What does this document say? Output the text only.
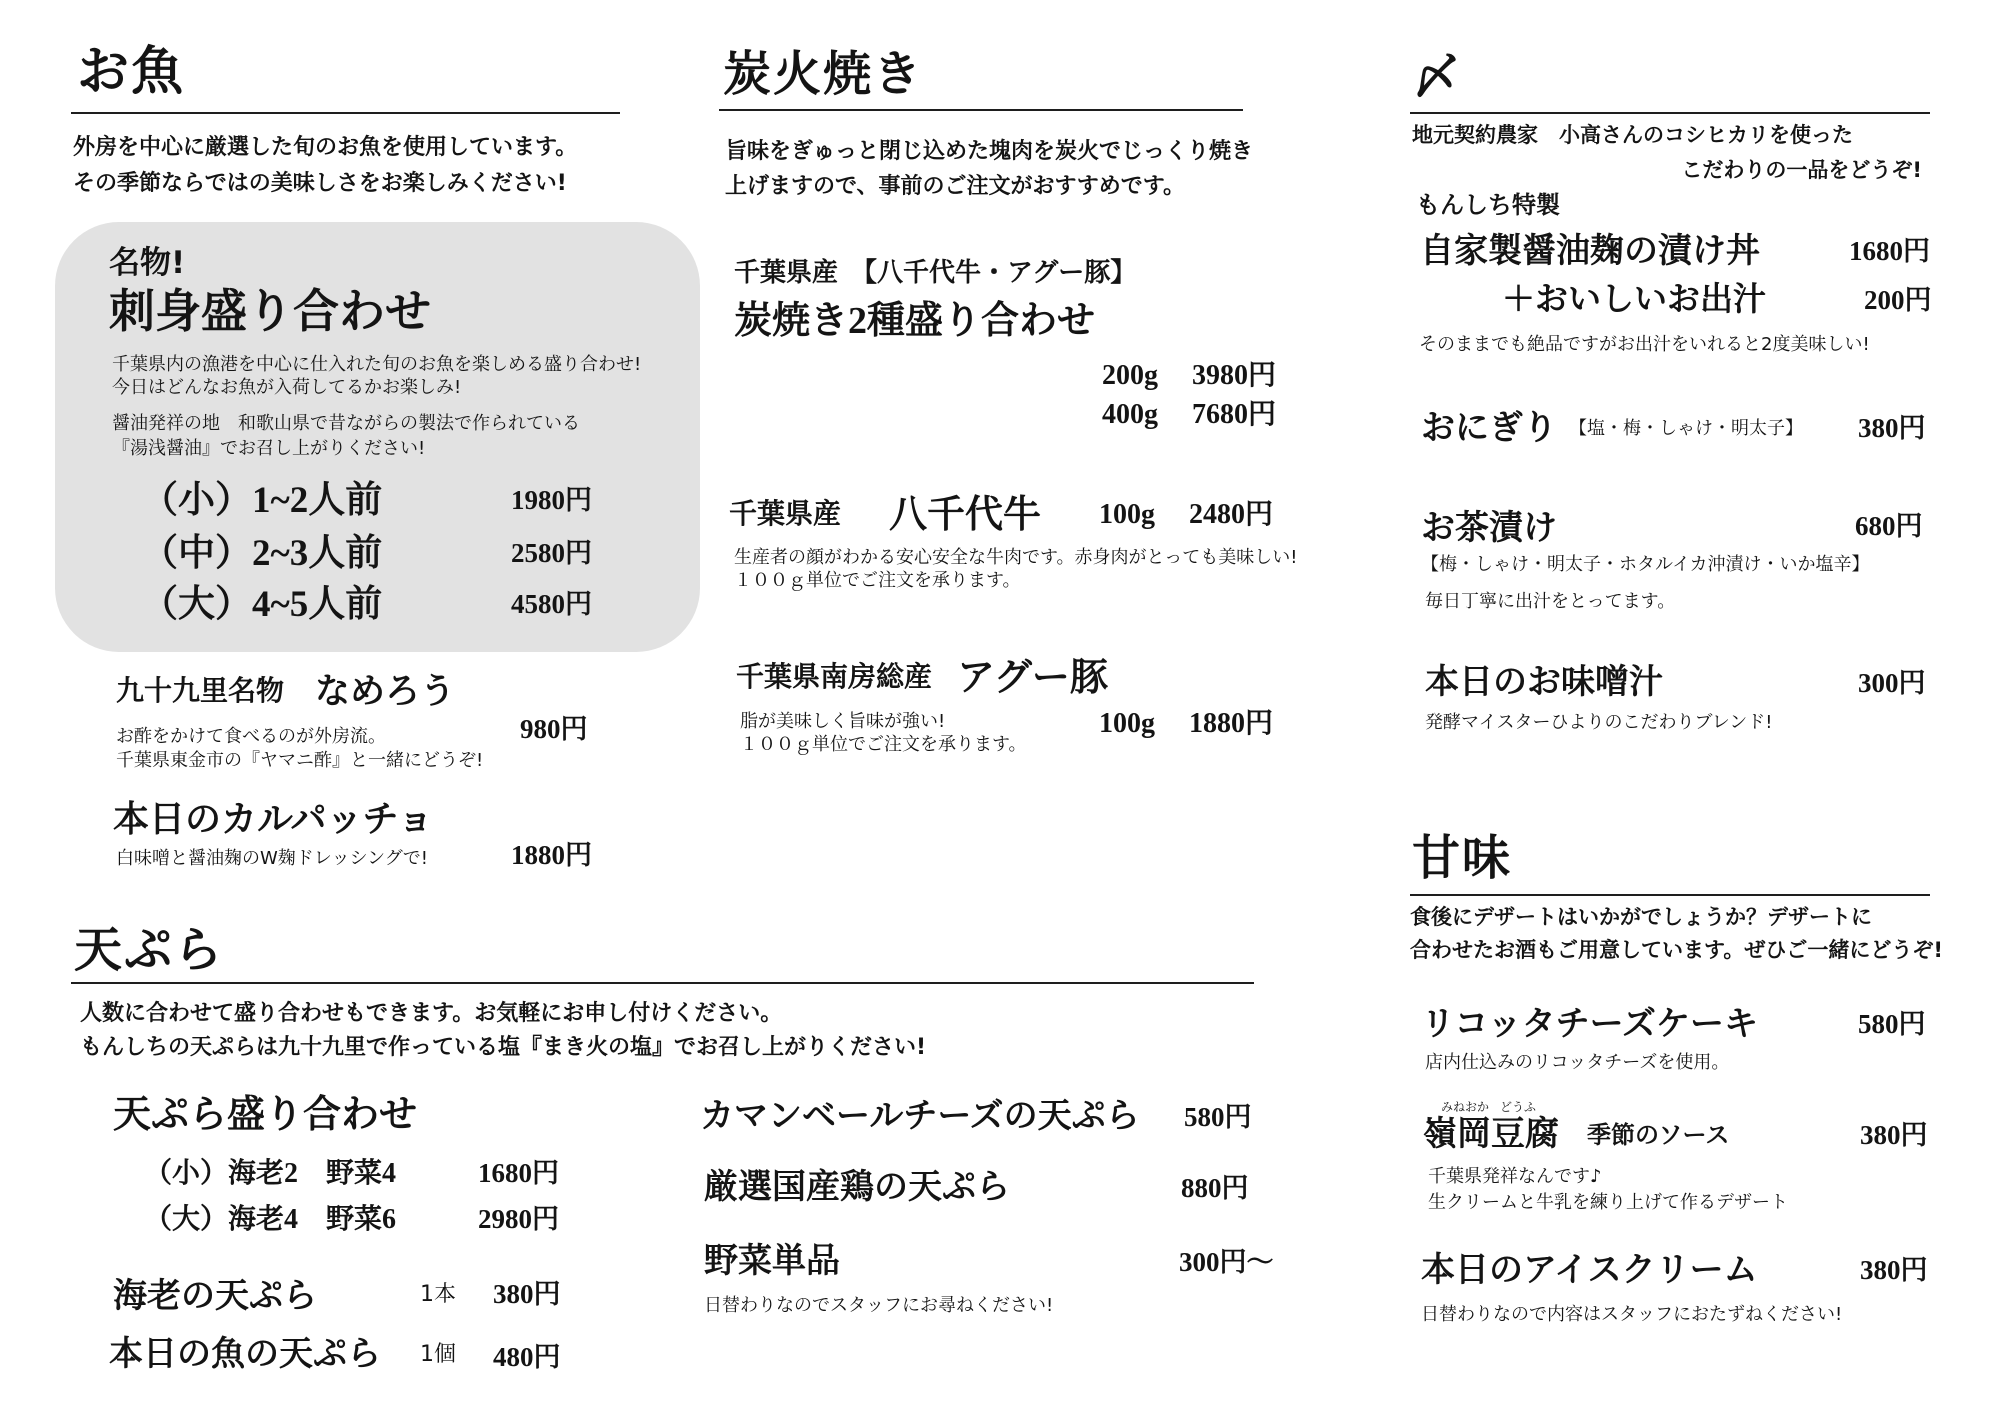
お魚
外房を中心に厳選した旬のお魚を使用しています。
その季節ならではの美味しさをお楽しみください!
名物!
刺身盛り合わせ
千葉県内の漁港を中心に仕入れた旬のお魚を楽しめる盛り合わせ!
今日はどんなお魚が入荷してるかお楽しみ!
醤油発祥の地　和歌山県で昔ながらの製法で作られている
『湯浅醤油』でお召し上がりください!
（小）1~2人前	1980円
（中）2~3人前	2580円
（大）4~5人前	4580円
九十九里名物 なめろう
お酢をかけて食べるのが外房流。
千葉県東金市の『ヤマニ酢』と一緒にどうぞ!
980円
本日のカルパッチョ
白味噌と醤油麹のW麹ドレッシングで!	1880円
炭火焼き
旨味をぎゅっと閉じ込めた塊肉を炭火でじっくり焼き
上げますので、事前のご注文がおすすめです。
千葉県産　【八千代牛・アグー豚】
炭焼き2種盛り合わせ
200g 3980円
400g 7680円
千葉県産 八千代牛 100g 2480円
生産者の顔がわかる安心安全な牛肉です。赤身肉がとっても美味しい!
１００ｇ単位でご注文を承ります。
千葉県南房総産 アグー豚
脂が美味しく旨味が強い!
１００ｇ単位でご注文を承ります。
100g 1880円
〆
地元契約農家　小高さんのコシヒカリを使った
こだわりの一品をどうぞ!
もんしち特製
自家製醤油麹の漬け丼	1680円
＋おいしいお出汁	200円
そのままでも絶品ですがお出汁をいれると2度美味しい!
おにぎり 【塩・梅・しゃけ・明太子】 380円
お茶漬け	680円
【梅・しゃけ・明太子・ホタルイカ沖漬け・いか塩辛】
毎日丁寧に出汁をとってます。
本日のお味噌汁	300円
発酵マイスターひよりのこだわりブレンド!
甘味
食後にデザートはいかがでしょうか？デザートに
合わせたお酒もご用意しています。ぜひご一緒にどうぞ!
リコッタチーズケーキ	580円
店内仕込みのリコッタチーズを使用。
みねおか どうふ
嶺岡豆腐 季節のソース	380円
千葉県発祥なんです♪
生クリームと牛乳を練り上げて作るデザート
本日のアイスクリーム	380円
日替わりなので内容はスタッフにおたずねください!
天ぷら
人数に合わせて盛り合わせもできます。お気軽にお申し付けください。
もんしちの天ぷらは九十九里で作っている塩『まき火の塩』でお召し上がりください!
天ぷら盛り合わせ
（小）海老2　野菜4	1680円
（大）海老4　野菜6	2980円
海老の天ぷら	1本 380円
本日の魚の天ぷら 1個 480円
カマンベールチーズの天ぷら 580円
厳選国産鶏の天ぷら	880円
野菜単品	300円〜
日替わりなのでスタッフにお尋ねください!
